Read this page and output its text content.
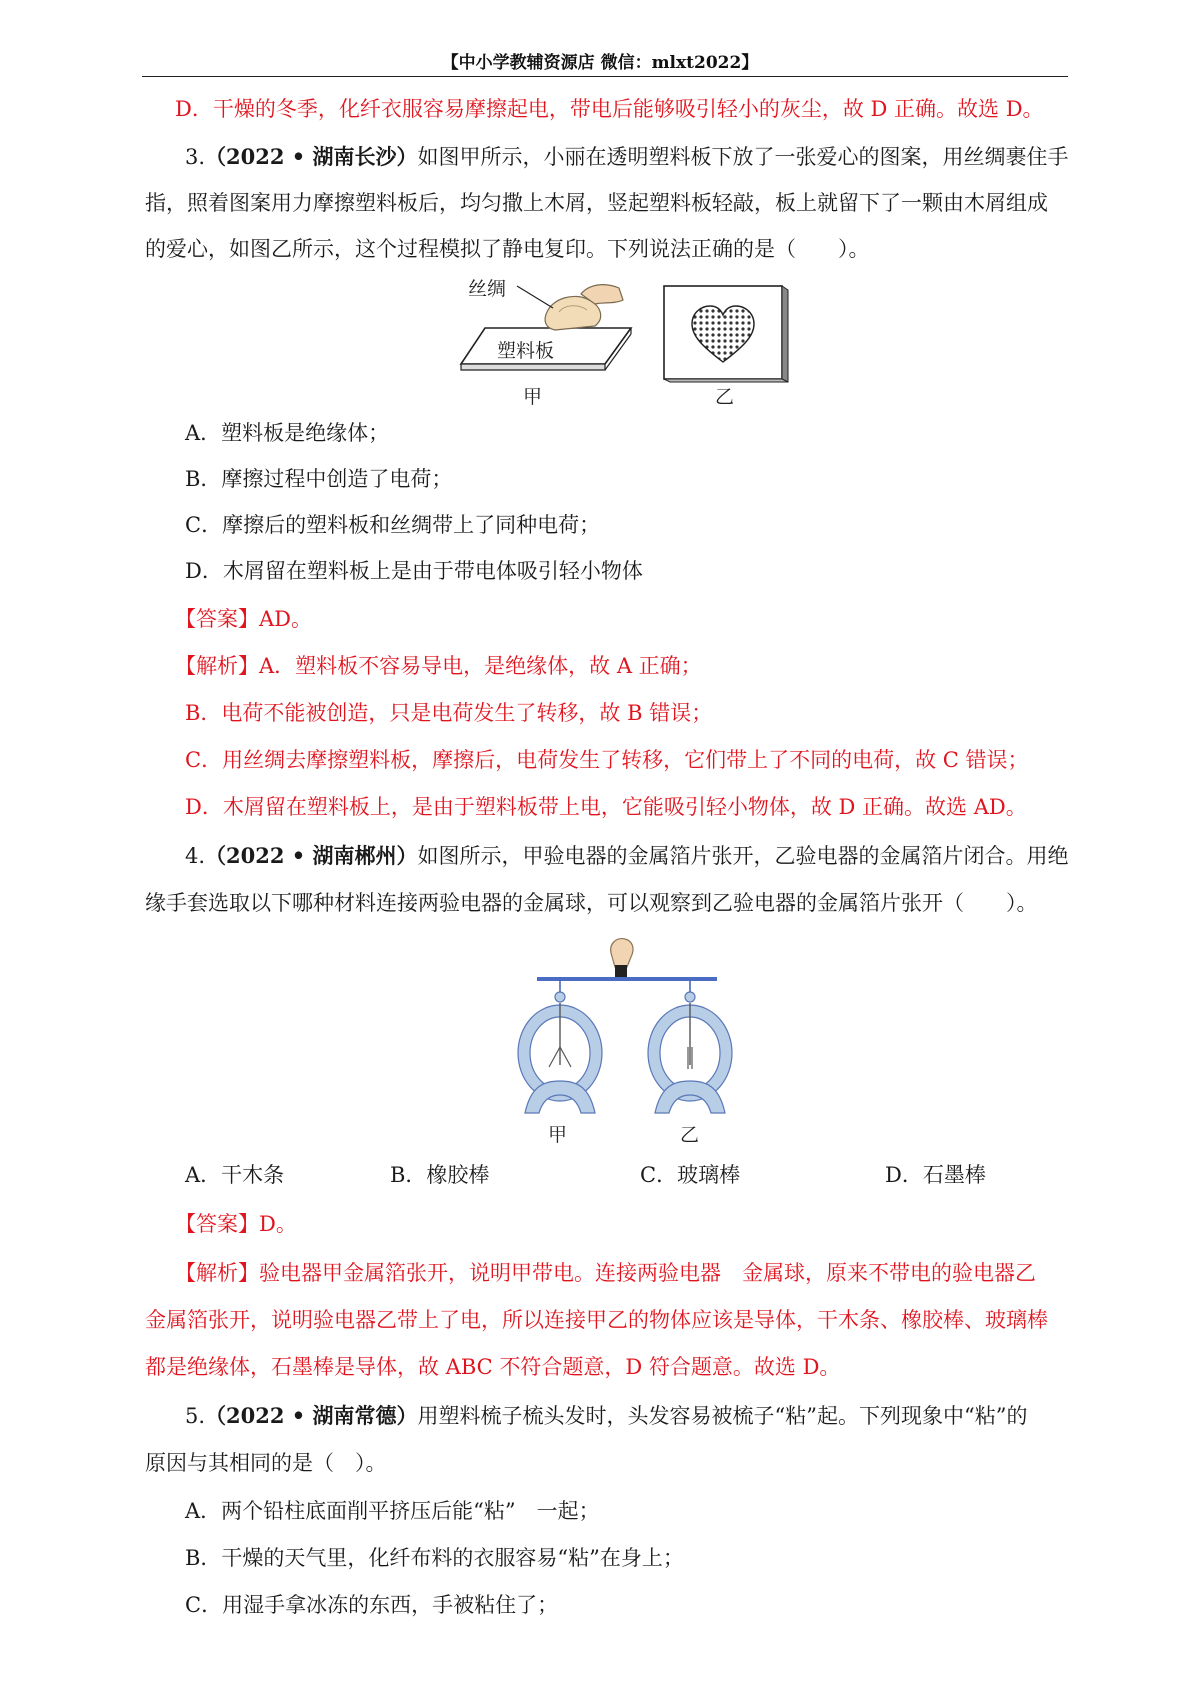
【中小学教辅资源店 微信：mlxt2022】
D．干燥的冬季，化纤衣服容易摩擦起电，带电后能够吸引轻小的灰尘，故 D 正确。故选 D。
3.（2022 • 湖南长沙）如图甲所示，小丽在透明塑料板下放了一张爱心的图案，用丝绸裹住手
指，照着图案用力摩擦塑料板后，均匀撒上木屑，竖起塑料板轻敲，板上就留下了一颗由木屑组成
的爱心，如图乙所示，这个过程模拟了静电复印。下列说法正确的是（　　）。
丝绸
塑料板
甲	乙
A．塑料板是绝缘体；
B．摩擦过程中创造了电荷；
C．摩擦后的塑料板和丝绸带上了同种电荷；
D．木屑留在塑料板上是由于带电体吸引轻小物体
【答案】AD。
【解析】A．塑料板不容易导电，是绝缘体，故 A 正确；
B．电荷不能被创造，只是电荷发生了转移，故 B 错误；
C．用丝绸去摩擦塑料板，摩擦后，电荷发生了转移，它们带上了不同的电荷，故 C 错误；
D．木屑留在塑料板上，是由于塑料板带上电，它能吸引轻小物体，故 D 正确。故选 AD。
4.（2022 • 湖南郴州）如图所示，甲验电器的金属箔片张开，乙验电器的金属箔片闭合。用绝
缘手套选取以下哪种材料连接两验电器的金属球，可以观察到乙验电器的金属箔片张开（　　）。
甲	乙
A．干木条	B．橡胶棒	C．玻璃棒	D．石墨棒
【答案】D。
【解析】验电器甲金属箔张开，说明甲带电。连接两验电器　金属球，原来不带电的验电器乙
金属箔张开，说明验电器乙带上了电，所以连接甲乙的物体应该是导体，干木条、橡胶棒、玻璃棒
都是绝缘体，石墨棒是导体，故 ABC 不符合题意，D 符合题意。故选 D。
5.（2022 • 湖南常德）用塑料梳子梳头发时，头发容易被梳子“粘”起。下列现象中“粘”的
原因与其相同的是（　）。
A．两个铅柱底面削平挤压后能“粘”　一起；
B．干燥的天气里，化纤布料的衣服容易“粘”在身上；
C．用湿手拿冰冻的东西，手被粘住了；
